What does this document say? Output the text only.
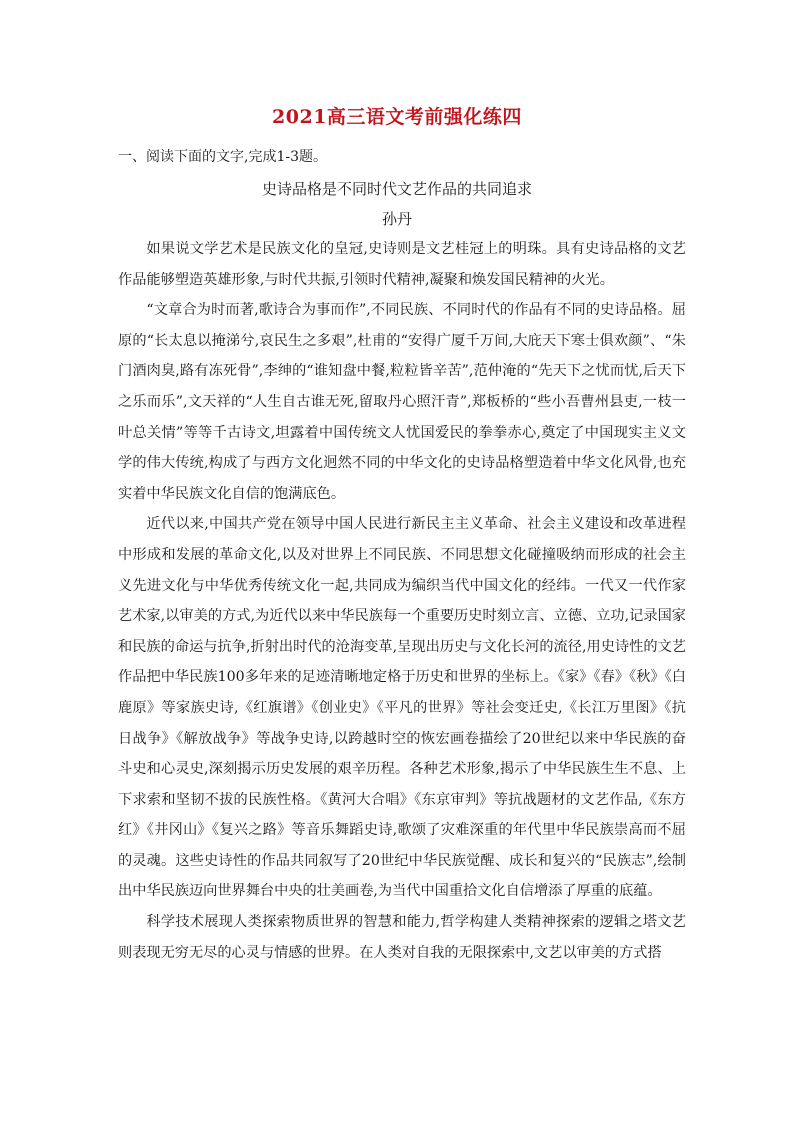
2021高三语文考前强化练四
一、阅读下面的文字,完成1-3题。
史诗品格是不同时代文艺作品的共同追求
孙丹

如果说文学艺术是民族文化的皇冠,史诗则是文艺桂冠上的明珠。具有史诗品格的文艺作品能够塑造英雄形象,与时代共振,引领时代精神,凝聚和焕发国民精神的火光。

“文章合为时而著,歌诗合为事而作”,不同民族、不同时代的作品有不同的史诗品格。屈原的“长太息以掩涕兮,哀民生之多艰”,杜甫的“安得广厦千万间,大庇天下寒士俱欢颜”、“朱门酒肉臭,路有冻死骨”,李绅的“谁知盘中餐,粒粒皆辛苦”,范仲淹的“先天下之忧而忧,后天下之乐而乐”,文天祥的“人生自古谁无死,留取丹心照汗青”,郑板桥的“些小吾曹州县吏,一枝一叶总关情”等等千古诗文,坦露着中国传统文人忧国爱民的拳拳赤心,奠定了中国现实主义文学的伟大传统,构成了与西方文化迥然不同的中华文化的史诗品格塑造着中华文化风骨,也充实着中华民族文化自信的饱满底色。

近代以来,中国共产党在领导中国人民进行新民主主义革命、社会主义建设和改革进程中形成和发展的革命文化,以及对世界上不同民族、不同思想文化碰撞吸纳而形成的社会主义先进文化与中华优秀传统文化一起,共同成为编织当代中国文化的经纬。一代又一代作家艺术家,以审美的方式,为近代以来中华民族每一个重要历史时刻立言、立德、立功,记录国家和民族的命运与抗争,折射出时代的沧海变革,呈现出历史与文化长河的流径,用史诗性的文艺作品把中华民族100多年来的足迹清晰地定格于历史和世界的坐标上。《家》《春》《秋》《白鹿原》等家族史诗,《红旗谱》《创业史》《平凡的世界》等社会变迁史,《长江万里图》《抗日战争》《解放战争》等战争史诗,以跨越时空的恢宏画卷描绘了20世纪以来中华民族的奋斗史和心灵史,深刻揭示历史发展的艰辛历程。各种艺术形象,揭示了中华民族生生不息、上下求索和坚韧不拔的民族性格。《黄河大合唱》《东京审判》等抗战题材的文艺作品,《东方红》《井冈山》《复兴之路》等音乐舞蹈史诗,歌颂了灾难深重的年代里中华民族崇高而不屈的灵魂。这些史诗性的作品共同叙写了20世纪中华民族觉醒、成长和复兴的“民族志”,绘制出中华民族迈向世界舞台中央的壮美画卷,为当代中国重拾文化自信增添了厚重的底蕴。

科学技术展现人类探索物质世界的智慧和能力,哲学构建人类精神探索的逻辑之塔文艺则表现无穷无尽的心灵与情感的世界。在人类对自我的无限探索中,文艺以审美的方式搭
